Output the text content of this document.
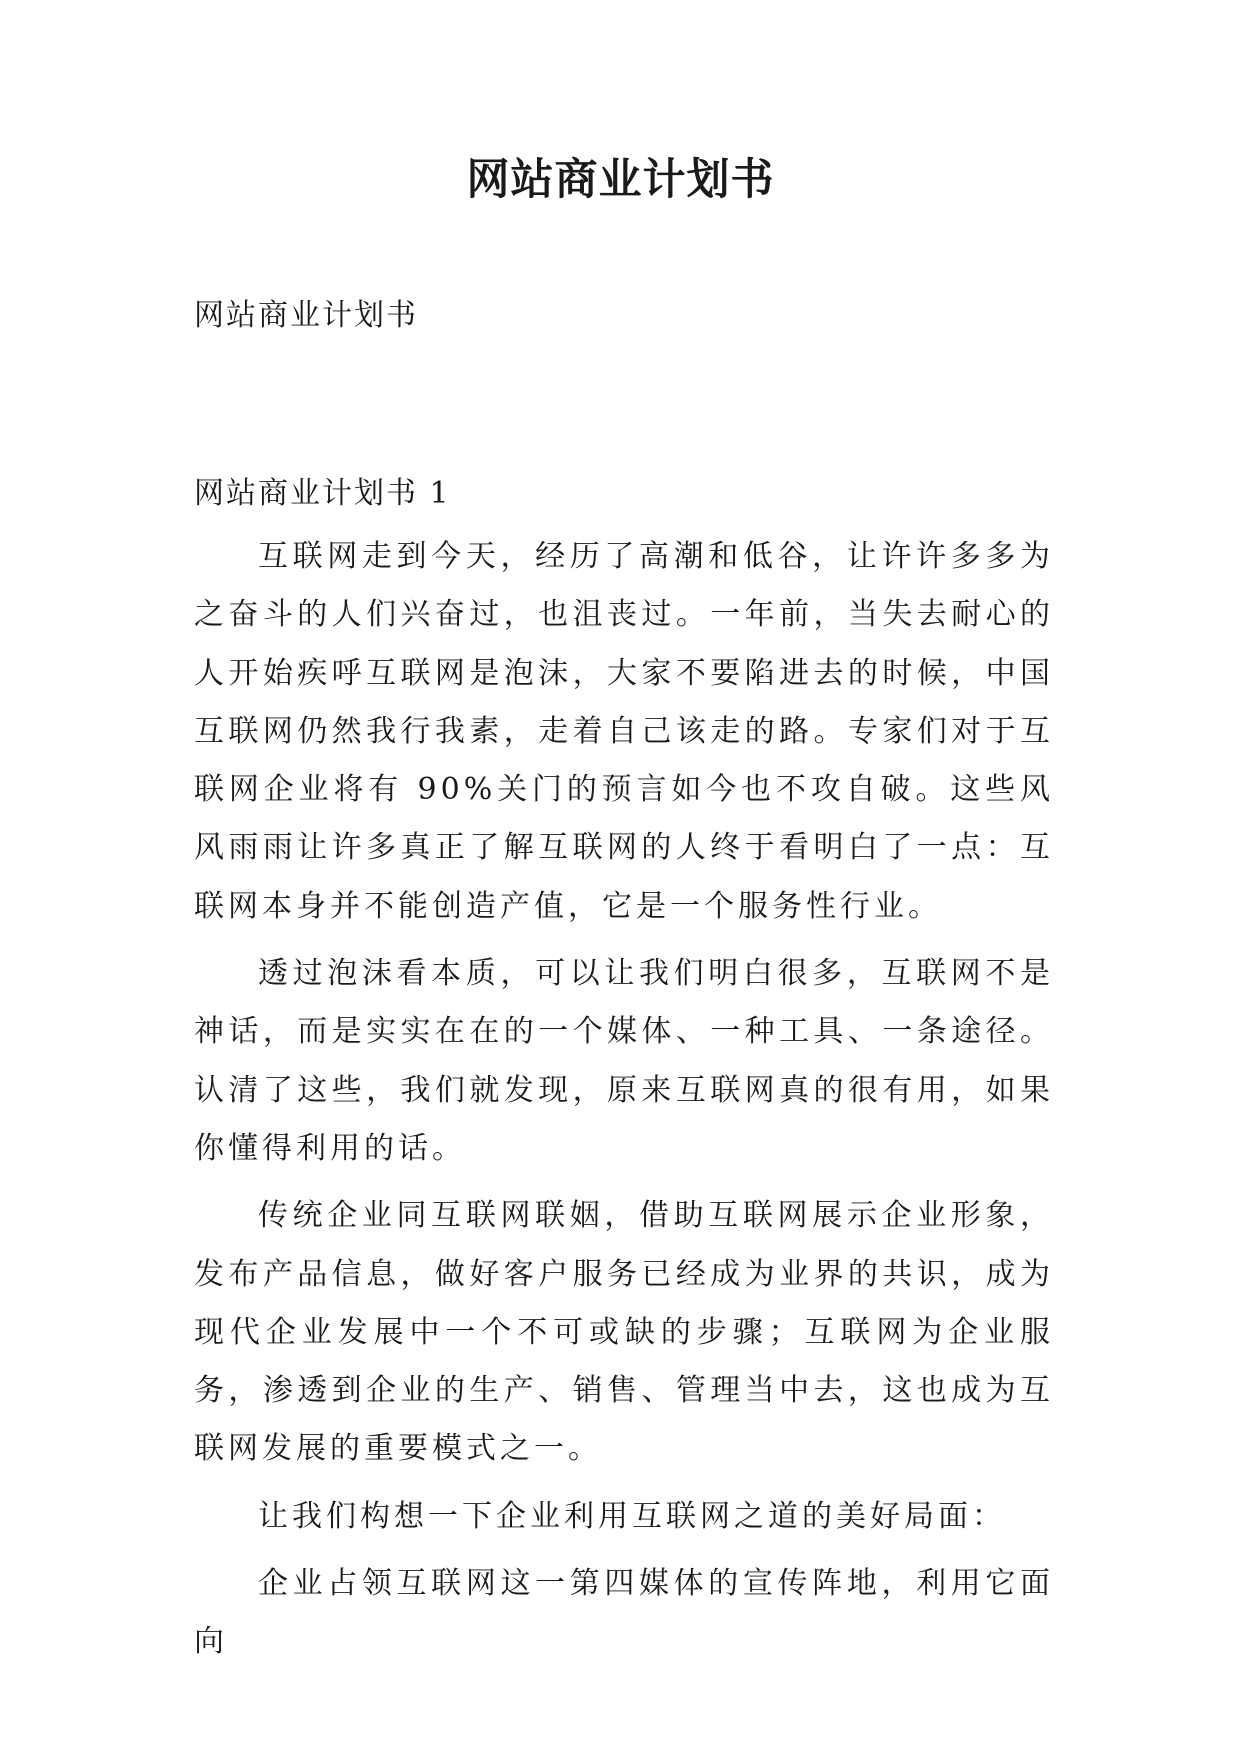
网站商业计划书
网站商业计划书
网站商业计划书 1

互联网走到今天，经历了高潮和低谷，让许许多多为之奋斗的人们兴奋过，也沮丧过。一年前，当失去耐心的人开始疾呼互联网是泡沫，大家不要陷进去的时候，中国互联网仍然我行我素，走着自己该走的路。专家们对于互联网企业将有 90%关门的预言如今也不攻自破。这些风风雨雨让许多真正了解互联网的人终于看明白了一点：互联网本身并不能创造产值，它是一个服务性行业。

透过泡沫看本质，可以让我们明白很多，互联网不是神话，而是实实在在的一个媒体、一种工具、一条途径。认清了这些，我们就发现，原来互联网真的很有用，如果你懂得利用的话。

传统企业同互联网联姻，借助互联网展示企业形象，发布产品信息，做好客户服务已经成为业界的共识，成为现代企业发展中一个不可或缺的步骤；互联网为企业服务，渗透到企业的生产、销售、管理当中去，这也成为互联网发展的重要模式之一。

让我们构想一下企业利用互联网之道的美好局面：

企业占领互联网这一第四媒体的宣传阵地，利用它面向
